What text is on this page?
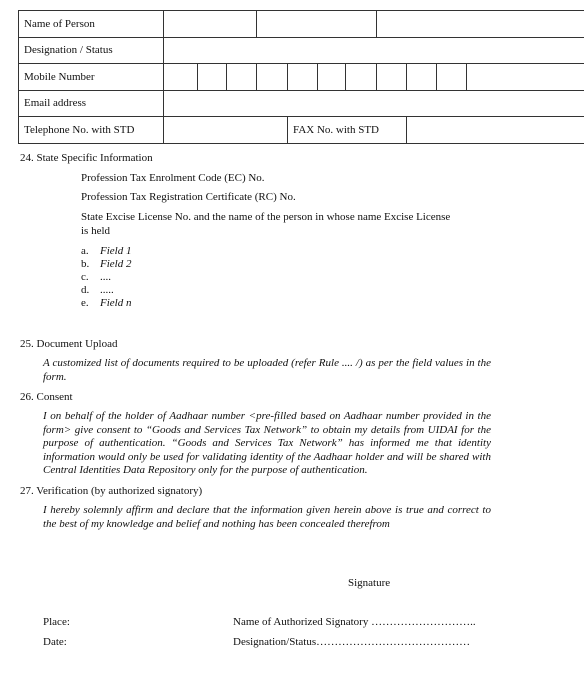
Name of Person											
Designation / Status											
Mobile Number											
Email address											
Telephone No. with STD					FAX No. with STD						
24. State Specific Information
Profession Tax Enrolment Code (EC) No.
Profession Tax Registration Certificate (RC) No.
State Excise License No. and the name of the person in whose name Excise License
is held
a. Field 1
b. Field 2
c. ....
d. .....
e. Field n
25. Document Upload
A customized list of documents required to be uploaded (refer Rule .... /) as per the field values in the form.
26. Consent
I on behalf of the holder of Aadhaar number <pre-filled based on Aadhaar number provided in the form> give consent to “Goods and Services Tax Network” to obtain my details from UIDAI for the purpose of authentication. “Goods and Services Tax Network” has informed me that identity information would only be used for validating identity of the Aadhaar holder and will be shared with Central Identities Data Repository only for the purpose of authentication.
27. Verification (by authorized signatory)
I hereby solemnly affirm and declare that the information given herein above is true and correct to the best of my knowledge and belief and nothing has been concealed therefrom
Signature
Place:
Date:
Name of Authorized Signatory ………………………..
Designation/Status……………………………………
